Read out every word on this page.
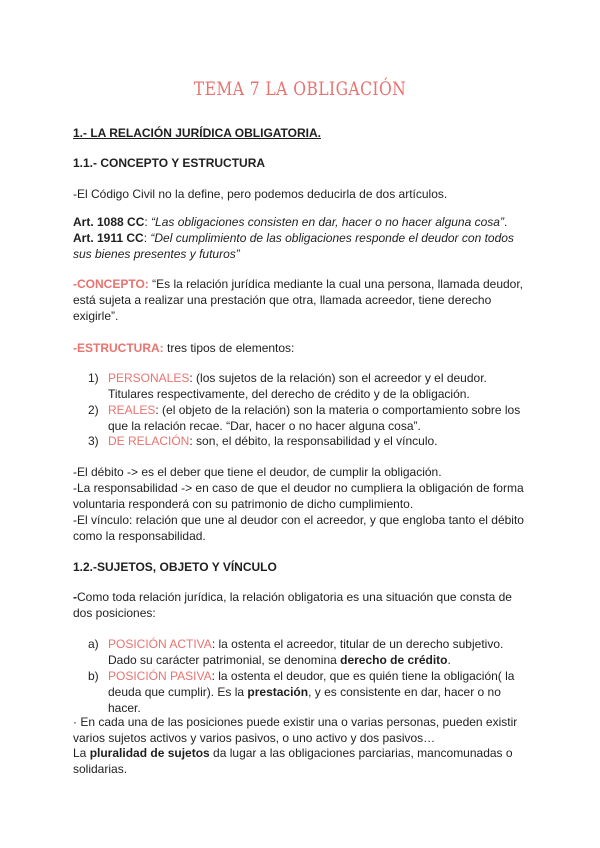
TEMA 7 LA OBLIGACIÓN
1.- LA RELACIÓN JURÍDICA OBLIGATORIA.
1.1.- CONCEPTO Y ESTRUCTURA
-El Código Civil no la define, pero podemos deducirla de dos artículos.
Art. 1088 CC: “Las obligaciones consisten en dar, hacer o no hacer alguna cosa”.
Art. 1911 CC: “Del cumplimiento de las obligaciones responde el deudor con todos sus bienes presentes y futuros”
-CONCEPTO: “Es la relación jurídica mediante la cual una persona, llamada deudor, está sujeta a realizar una prestación que otra, llamada acreedor, tiene derecho exigirle”.
-ESTRUCTURA: tres tipos de elementos:
1) PERSONALES: (los sujetos de la relación) son el acreedor y el deudor. Titulares respectivamente, del derecho de crédito y de la obligación.
2) REALES: (el objeto de la relación) son la materia o comportamiento sobre los que la relación recae. “Dar, hacer o no hacer alguna cosa”.
3) DE RELACIÓN: son, el débito, la responsabilidad y el vínculo.
-El débito -> es el deber que tiene el deudor, de cumplir la obligación.
-La responsabilidad -> en caso de que el deudor no cumpliera la obligación de forma voluntaria responderá con su patrimonio de dicho cumplimiento.
-El vínculo: relación que une al deudor con el acreedor, y que engloba tanto el débito como la responsabilidad.
1.2.-SUJETOS, OBJETO Y VÍNCULO
-Como toda relación jurídica, la relación obligatoria es una situación que consta de dos posiciones:
a) POSICIÓN ACTIVA: la ostenta el acreedor, titular de un derecho subjetivo. Dado su carácter patrimonial, se denomina derecho de crédito.
b) POSICIÓN PASIVA: la ostenta el deudor, que es quién tiene la obligación( la deuda que cumplir). Es la prestación, y es consistente en dar, hacer o no hacer.
· En cada una de las posiciones puede existir una o varias personas, pueden existir varios sujetos activos y varios pasivos, o uno activo y dos pasivos…
La pluralidad de sujetos da lugar a las obligaciones parciarias, mancomunadas o solidarias.
